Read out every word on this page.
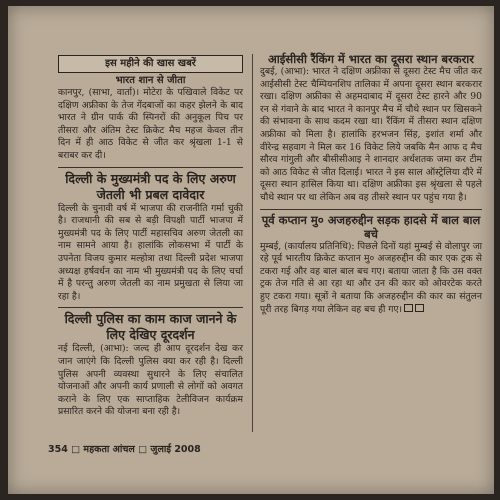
इस महीने की खास खबरें
भारत शान से जीता

कानपुर, (साभा, वार्ता)। मोटेरा के पखिवाले विकेट पर दक्षिण अफ्रीका के तेज गेंदबाजों का कहर झेलने के बाद भारत ने ग्रीन पार्क की स्पिनरों की अनुकूल पिच पर तीसरा और अंतिम टेस्ट क्रिकेट मैच महज केवल तीन दिन में ही आठ विकेट से जीत कर श्रृंखला 1-1 से बराबर कर दी।

दिल्ली के मुख्यमंत्री पद के लिए अरुण जेतली भी प्रबल दावेदार

दिल्ली के चुनावी वर्ष में भाजपा की राजनीति गर्मा चुकी है। राजधानी की सब से बड़ी विपक्षी पार्टी भाजपा में मुख्यमंत्री पद के लिए पार्टी महासचिव अरुण जेतली का नाम सामने आया है। हालांकि लोकसभा में पार्टी के उपनेता विजय कुमार मल्होत्रा तथा दिल्ली प्रदेश भाजपा अध्यक्ष हर्षवर्धन का नाम भी मुख्यमंत्री पद के लिए चर्चा में है परन्तु अरुण जेतली का नाम प्रमुखता से लिया जा रहा है।

दिल्ली पुलिस का काम काज जानने के लिए देखिए दूरदर्शन

नई दिल्ली, (आभा): जल्द ही आप दूरदर्शन देख कर जान जाएंगे कि दिल्ली पुलिस क्या कर रही है। दिल्ली पुलिस अपनी व्यवस्था सुधारने के लिए संचालित योजनाओं और अपनी कार्य प्रणाली से लोगों को अवगत कराने के लिए एक साप्ताहिक टेलीविजन कार्यक्रम प्रसारित करने की योजना बना रही है।

आईसीसी रैंकिंग में भारत का दूसरा स्थान बरकरार

दुबई, (आभा): भारत ने दक्षिण अफ्रीका से दूसरा टेस्ट मैच जीत कर आईसीसी टेस्ट चैम्पियनशिप तालिका में अपना दूसरा स्थान बरकरार रखा। दक्षिण अफ्रीका से अहमदाबाद में दूसरा टेस्ट हारने और 90 रन से गंवाने के बाद भारत ने कानपुर मैच में चौथे स्थान पर खिसकने की संभावना के साथ कदम रखा था। रैंकिंग में तीसरा स्थान दक्षिण अफ्रीका को मिला है। हालांकि हरभजन सिंह, इशांत शर्मा और वीरेन्द्र सहवाग ने मिल कर 16 विकेट लिये जबकि मैन आफ द मैच सौरव गांगुली और बीसीसीआइ ने शानदार अर्धशतक जमा कर टीम को आठ विकेट से जीत दिलाई। भारत ने इस साल ऑस्ट्रेलिया दौरे में दूसरा स्थान हासिल किया था। दक्षिण अफ्रीका इस श्रृंखला से पहले चौथे स्थान पर था लेकिन अब वह तीसरे स्थान पर पहुंच गया है।

पूर्व कप्तान मु० अजहरुद्दीन सड़क हादसे में बाल बाल बचे

मुम्बई, (कार्यालय प्रतिनिधि): पिछले दिनों यहां मुम्बई से वोलापुर जा रहे पूर्व भारतीय क्रिकेट कप्तान मु० अजहरुद्दीन की कार एक ट्रक से टकरा गई और वह बाल बाल बच गए। बताया जाता है कि उस वक्त ट्रक तेज गति से आ रहा था और उन की कार को ओवरटेक करते हुए टकरा गया। सूत्रों ने बताया कि अजहरुद्दीन की कार का संतुलन पूरी तरह बिगड़ गया लेकिन वह बच ही गए।

354 □ महकता आंचल □ जुलाई 2008
